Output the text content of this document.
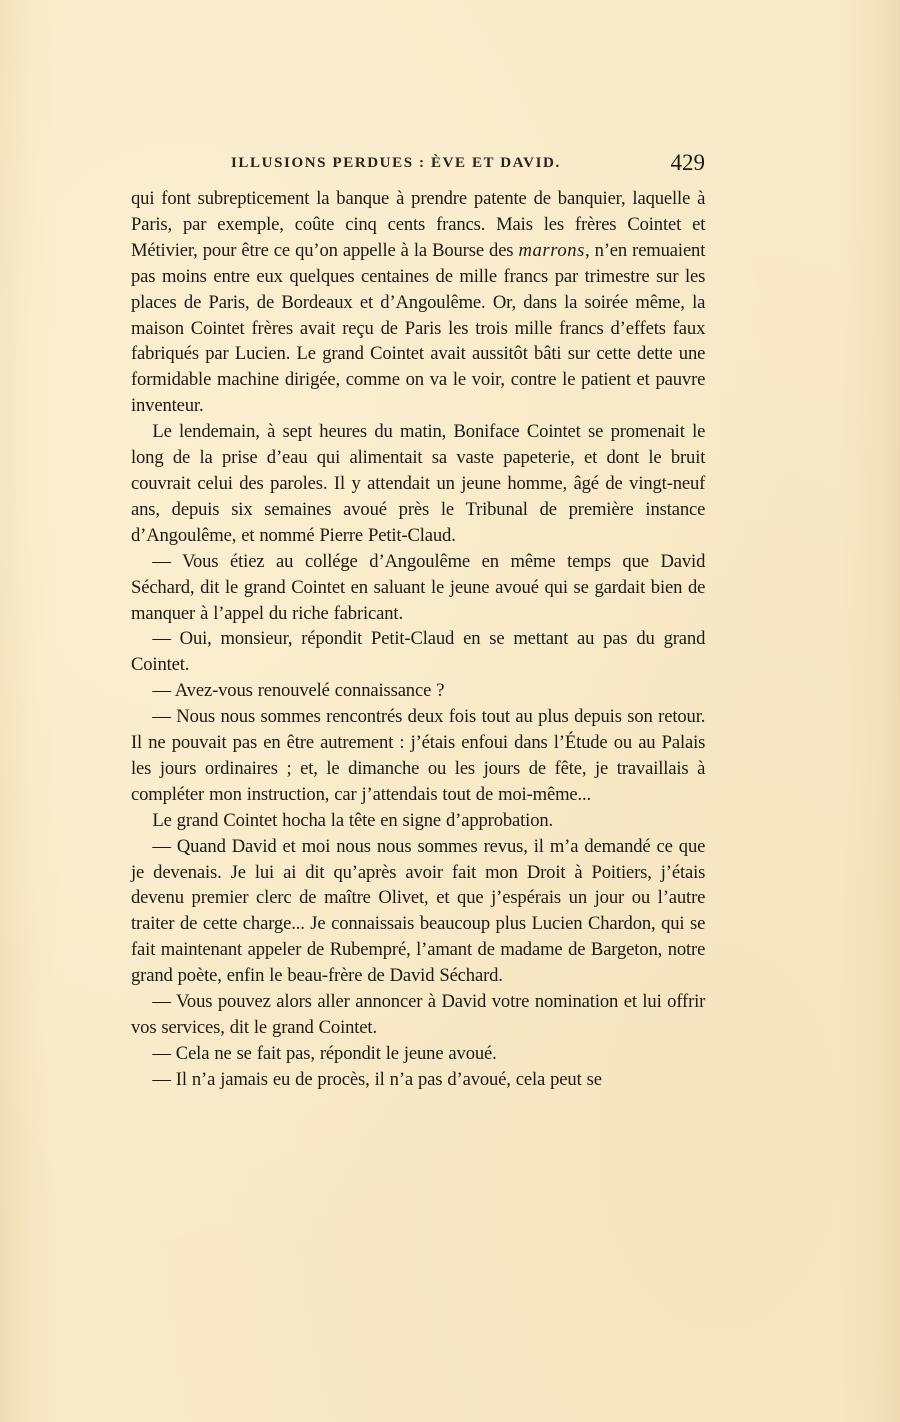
ILLUSIONS PERDUES : ÈVE ET DAVID.	429

qui font subrepticement la banque à prendre patente de banquier, laquelle à Paris, par exemple, coûte cinq cents francs. Mais les frères Cointet et Métivier, pour être ce qu’on appelle à la Bourse des marrons, n’en remuaient pas moins entre eux quelques centaines de mille francs par trimestre sur les places de Paris, de Bordeaux et d’Angoulême. Or, dans la soirée même, la maison Cointet frères avait reçu de Paris les trois mille francs d’effets faux fabriqués par Lucien. Le grand Cointet avait aussitôt bâti sur cette dette une formidable machine dirigée, comme on va le voir, contre le patient et pauvre inventeur.

Le lendemain, à sept heures du matin, Boniface Cointet se promenait le long de la prise d’eau qui alimentait sa vaste papeterie, et dont le bruit couvrait celui des paroles. Il y attendait un jeune homme, âgé de vingt-neuf ans, depuis six semaines avoué près le Tribunal de première instance d’Angoulême, et nommé Pierre Petit-Claud.

— Vous étiez au collége d’Angoulême en même temps que David Séchard, dit le grand Cointet en saluant le jeune avoué qui se gardait bien de manquer à l’appel du riche fabricant.

— Oui, monsieur, répondit Petit-Claud en se mettant au pas du grand Cointet.

— Avez-vous renouvelé connaissance ?

— Nous nous sommes rencontrés deux fois tout au plus depuis son retour. Il ne pouvait pas en être autrement : j’étais enfoui dans l’Étude ou au Palais les jours ordinaires ; et, le dimanche ou les jours de fête, je travaillais à compléter mon instruction, car j’attendais tout de moi-même...

Le grand Cointet hocha la tête en signe d’approbation.

— Quand David et moi nous nous sommes revus, il m’a demandé ce que je devenais. Je lui ai dit qu’après avoir fait mon Droit à Poitiers, j’étais devenu premier clerc de maître Olivet, et que j’espérais un jour ou l’autre traiter de cette charge... Je connaissais beaucoup plus Lucien Chardon, qui se fait maintenant appeler de Rubempré, l’amant de madame de Bargeton, notre grand poète, enfin le beau-frère de David Séchard.

— Vous pouvez alors aller annoncer à David votre nomination et lui offrir vos services, dit le grand Cointet.

— Cela ne se fait pas, répondit le jeune avoué.

— Il n’a jamais eu de procès, il n’a pas d’avoué, cela peut se
